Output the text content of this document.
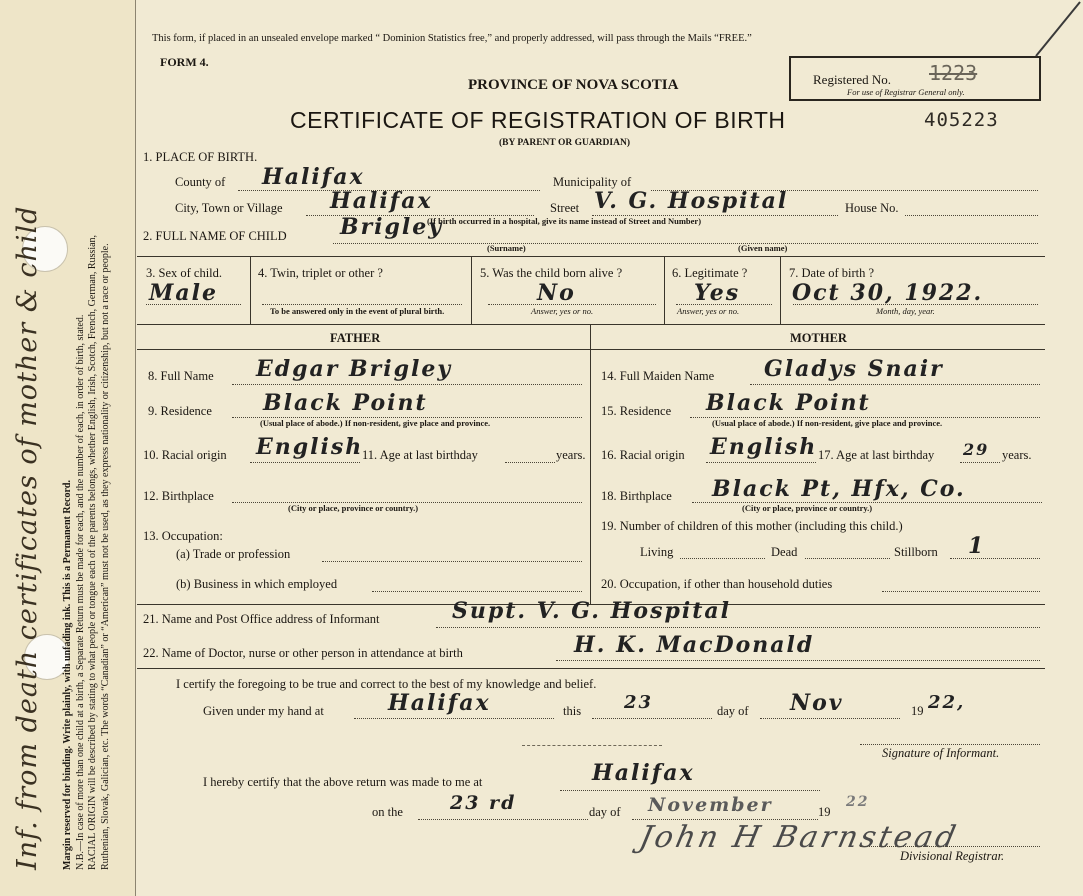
Margin reserved for binding. Write plainly, with unfading ink. This is a Permanent Record. N.B.—In case of more than one child at a birth, a Separate Return must be made for each, and the number of each, in order of birth, stated. RACIAL ORIGIN will be described by stating to what people or tongue each of the parents belongs, whether English, Irish, Scotch, French, German, Russian, Ruthenian, Slovak, Galician, etc. The words “Canadian” or “American” must not be used, as they express nationality or citizenship, but not a race or people.

Inf. from death certificates of mother & child
This form, if placed in an unsealed envelope marked “ Dominion Statistics free,” and properly addressed, will pass through the Mails “FREE.”
FORM 4.
PROVINCE OF NOVA SCOTIA
CERTIFICATE OF REGISTRATION OF BIRTH
(BY PARENT OR GUARDIAN)
Registered No. 1223
For use of Registrar General only.
405223
1. PLACE OF BIRTH.
County of Halifax	Municipality of
City, Town or Village Halifax	Street V. G. Hospital	House No.
(If birth occurred in a hospital, give its name instead of Street and Number)
2. FULL NAME OF CHILD Brigley
(Surname)	(Given name)
3. Sex of child.
Male
4. Twin, triplet or other ?
To be answered only in the event of plural birth.
5. Was the child born alive ?
No
Answer, yes or no.
6. Legitimate ?
Yes
Answer, yes or no.
7. Date of birth ?
Oct 30, 1922.
Month, day, year.
FATHER	MOTHER
8. Full Name Edgar Brigley	14. Full Maiden Name Gladys Snair
9. Residence Black Point
(Usual place of abode.) If non-resident, give place and province.
15. Residence Black Point
(Usual place of abode.) If non-resident, give place and province.
10. Racial origin English
11. Age at last birthday	years. 16. Racial origin English 17. Age at last birthday 29 years.
12. Birthplace
(City or place, province or country.)
18. Birthplace Black Pt, Hfx, Co.
(City or place, province or country.)
13. Occupation:
(a) Trade or profession
(b) Business in which employed
19. Number of children of this mother (including this child.)
Living	Dead	Stillborn 1
20. Occupation, if other than household duties
21. Name and Post Office address of Informant	Supt. V. G. Hospital
22. Name of Doctor, nurse or other person in attendance at birth	H. K. MacDonald
I certify the foregoing to be true and correct to the best of my knowledge and belief.
Given under my hand at	Halifax	this 23	day of Nov	19 22,
Signature of Informant.
I hereby certify that the above return was made to me at	Halifax
on the 23 rd	day of November	19
22
John H Barnstead
Divisional Registrar.
